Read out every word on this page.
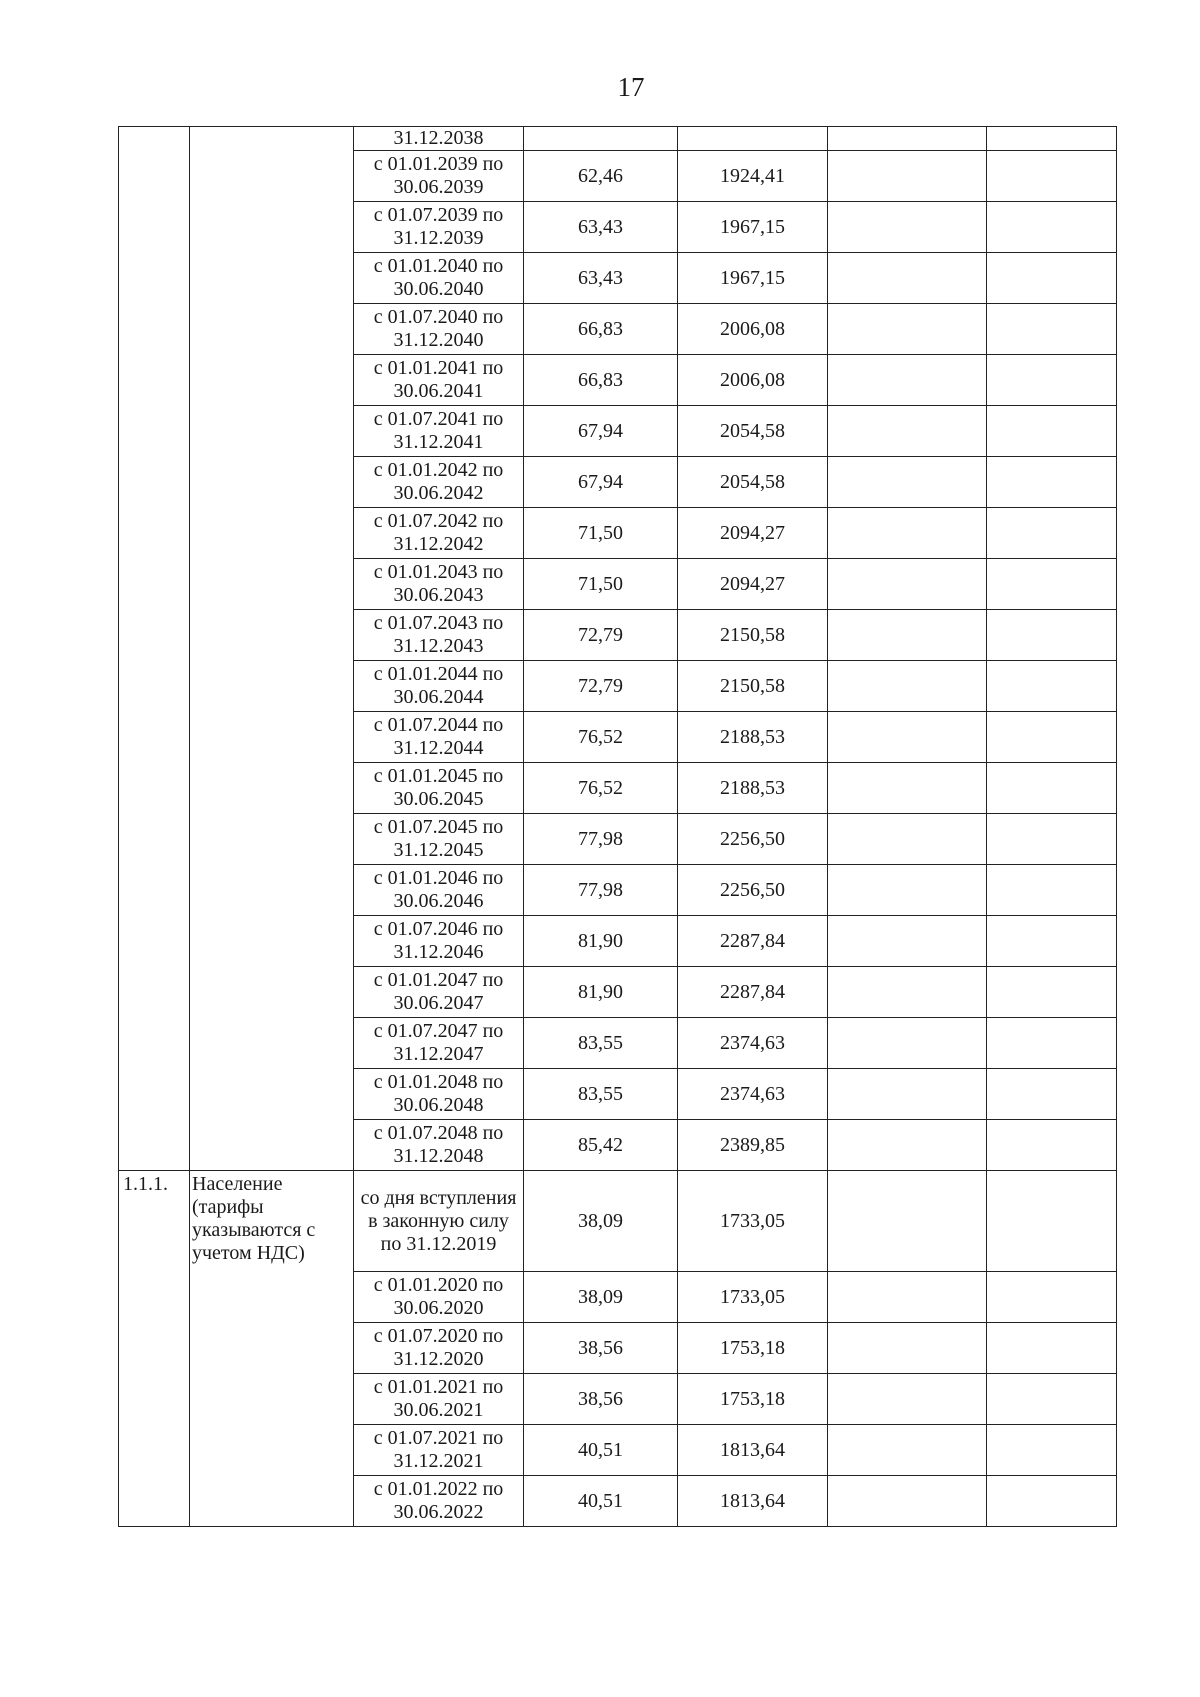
17
		31.12.2038				
		с 01.01.2039 по 30.06.2039	62,46	1924,41		
		с 01.07.2039 по 31.12.2039	63,43	1967,15		
		с 01.01.2040 по 30.06.2040	63,43	1967,15		
		с 01.07.2040 по 31.12.2040	66,83	2006,08		
		с 01.01.2041 по 30.06.2041	66,83	2006,08		
		с 01.07.2041 по 31.12.2041	67,94	2054,58		
		с 01.01.2042 по 30.06.2042	67,94	2054,58		
		с 01.07.2042 по 31.12.2042	71,50	2094,27		
		с 01.01.2043 по 30.06.2043	71,50	2094,27		
		с 01.07.2043 по 31.12.2043	72,79	2150,58		
		с 01.01.2044 по 30.06.2044	72,79	2150,58		
		с 01.07.2044 по 31.12.2044	76,52	2188,53		
		с 01.01.2045 по 30.06.2045	76,52	2188,53		
		с 01.07.2045 по 31.12.2045	77,98	2256,50		
		с 01.01.2046 по 30.06.2046	77,98	2256,50		
		с 01.07.2046 по 31.12.2046	81,90	2287,84		
		с 01.01.2047 по 30.06.2047	81,90	2287,84		
		с 01.07.2047 по 31.12.2047	83,55	2374,63		
		с 01.01.2048 по 30.06.2048	83,55	2374,63		
		с 01.07.2048 по 31.12.2048	85,42	2389,85		
1.1.1.	Население (тарифы указываются с учетом НДС)	со дня вступления в законную силу по 31.12.2019	38,09	1733,05		
		с 01.01.2020 по 30.06.2020	38,09	1733,05		
		с 01.07.2020 по 31.12.2020	38,56	1753,18		
		с 01.01.2021 по 30.06.2021	38,56	1753,18		
		с 01.07.2021 по 31.12.2021	40,51	1813,64		
		с 01.01.2022 по 30.06.2022	40,51	1813,64		
